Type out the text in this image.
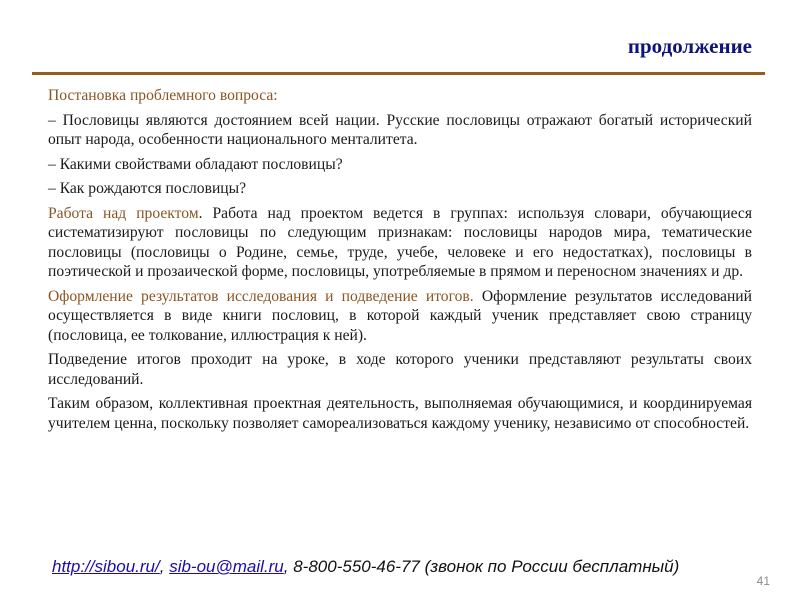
продолжение

Постановка проблемного вопроса:

– Пословицы являются достоянием всей нации. Русские пословицы отражают богатый исторический опыт народа, особенности национального менталитета.

– Какими свойствами обладают пословицы?

– Как рождаются пословицы?

Работа над проектом. Работа над проектом ведется в группах: используя словари, обучающиеся систематизируют пословицы по следующим признакам: пословицы народов мира, тематические пословицы (пословицы о Родине, семье, труде, учебе, человеке и его недостатках), пословицы в поэтической и прозаической форме, пословицы, употребляемые в прямом и переносном значениях и др.

Оформление результатов исследования и подведение итогов. Оформление результатов исследований осуществляется в виде книги пословиц, в которой каждый ученик представляет свою страницу (пословица, ее толкование, иллюстрация к ней).

Подведение итогов проходит на уроке, в ходе которого ученики представляют результаты своих исследований.

Таким образом, коллективная проектная деятельность, выполняемая обучающимися, и координируемая учителем ценна, поскольку позволяет самореализоваться каждому ученику, независимо от способностей.

http://sibou.ru/, sib-ou@mail.ru, 8-800-550-46-77 (звонок по России бесплатный)
41
